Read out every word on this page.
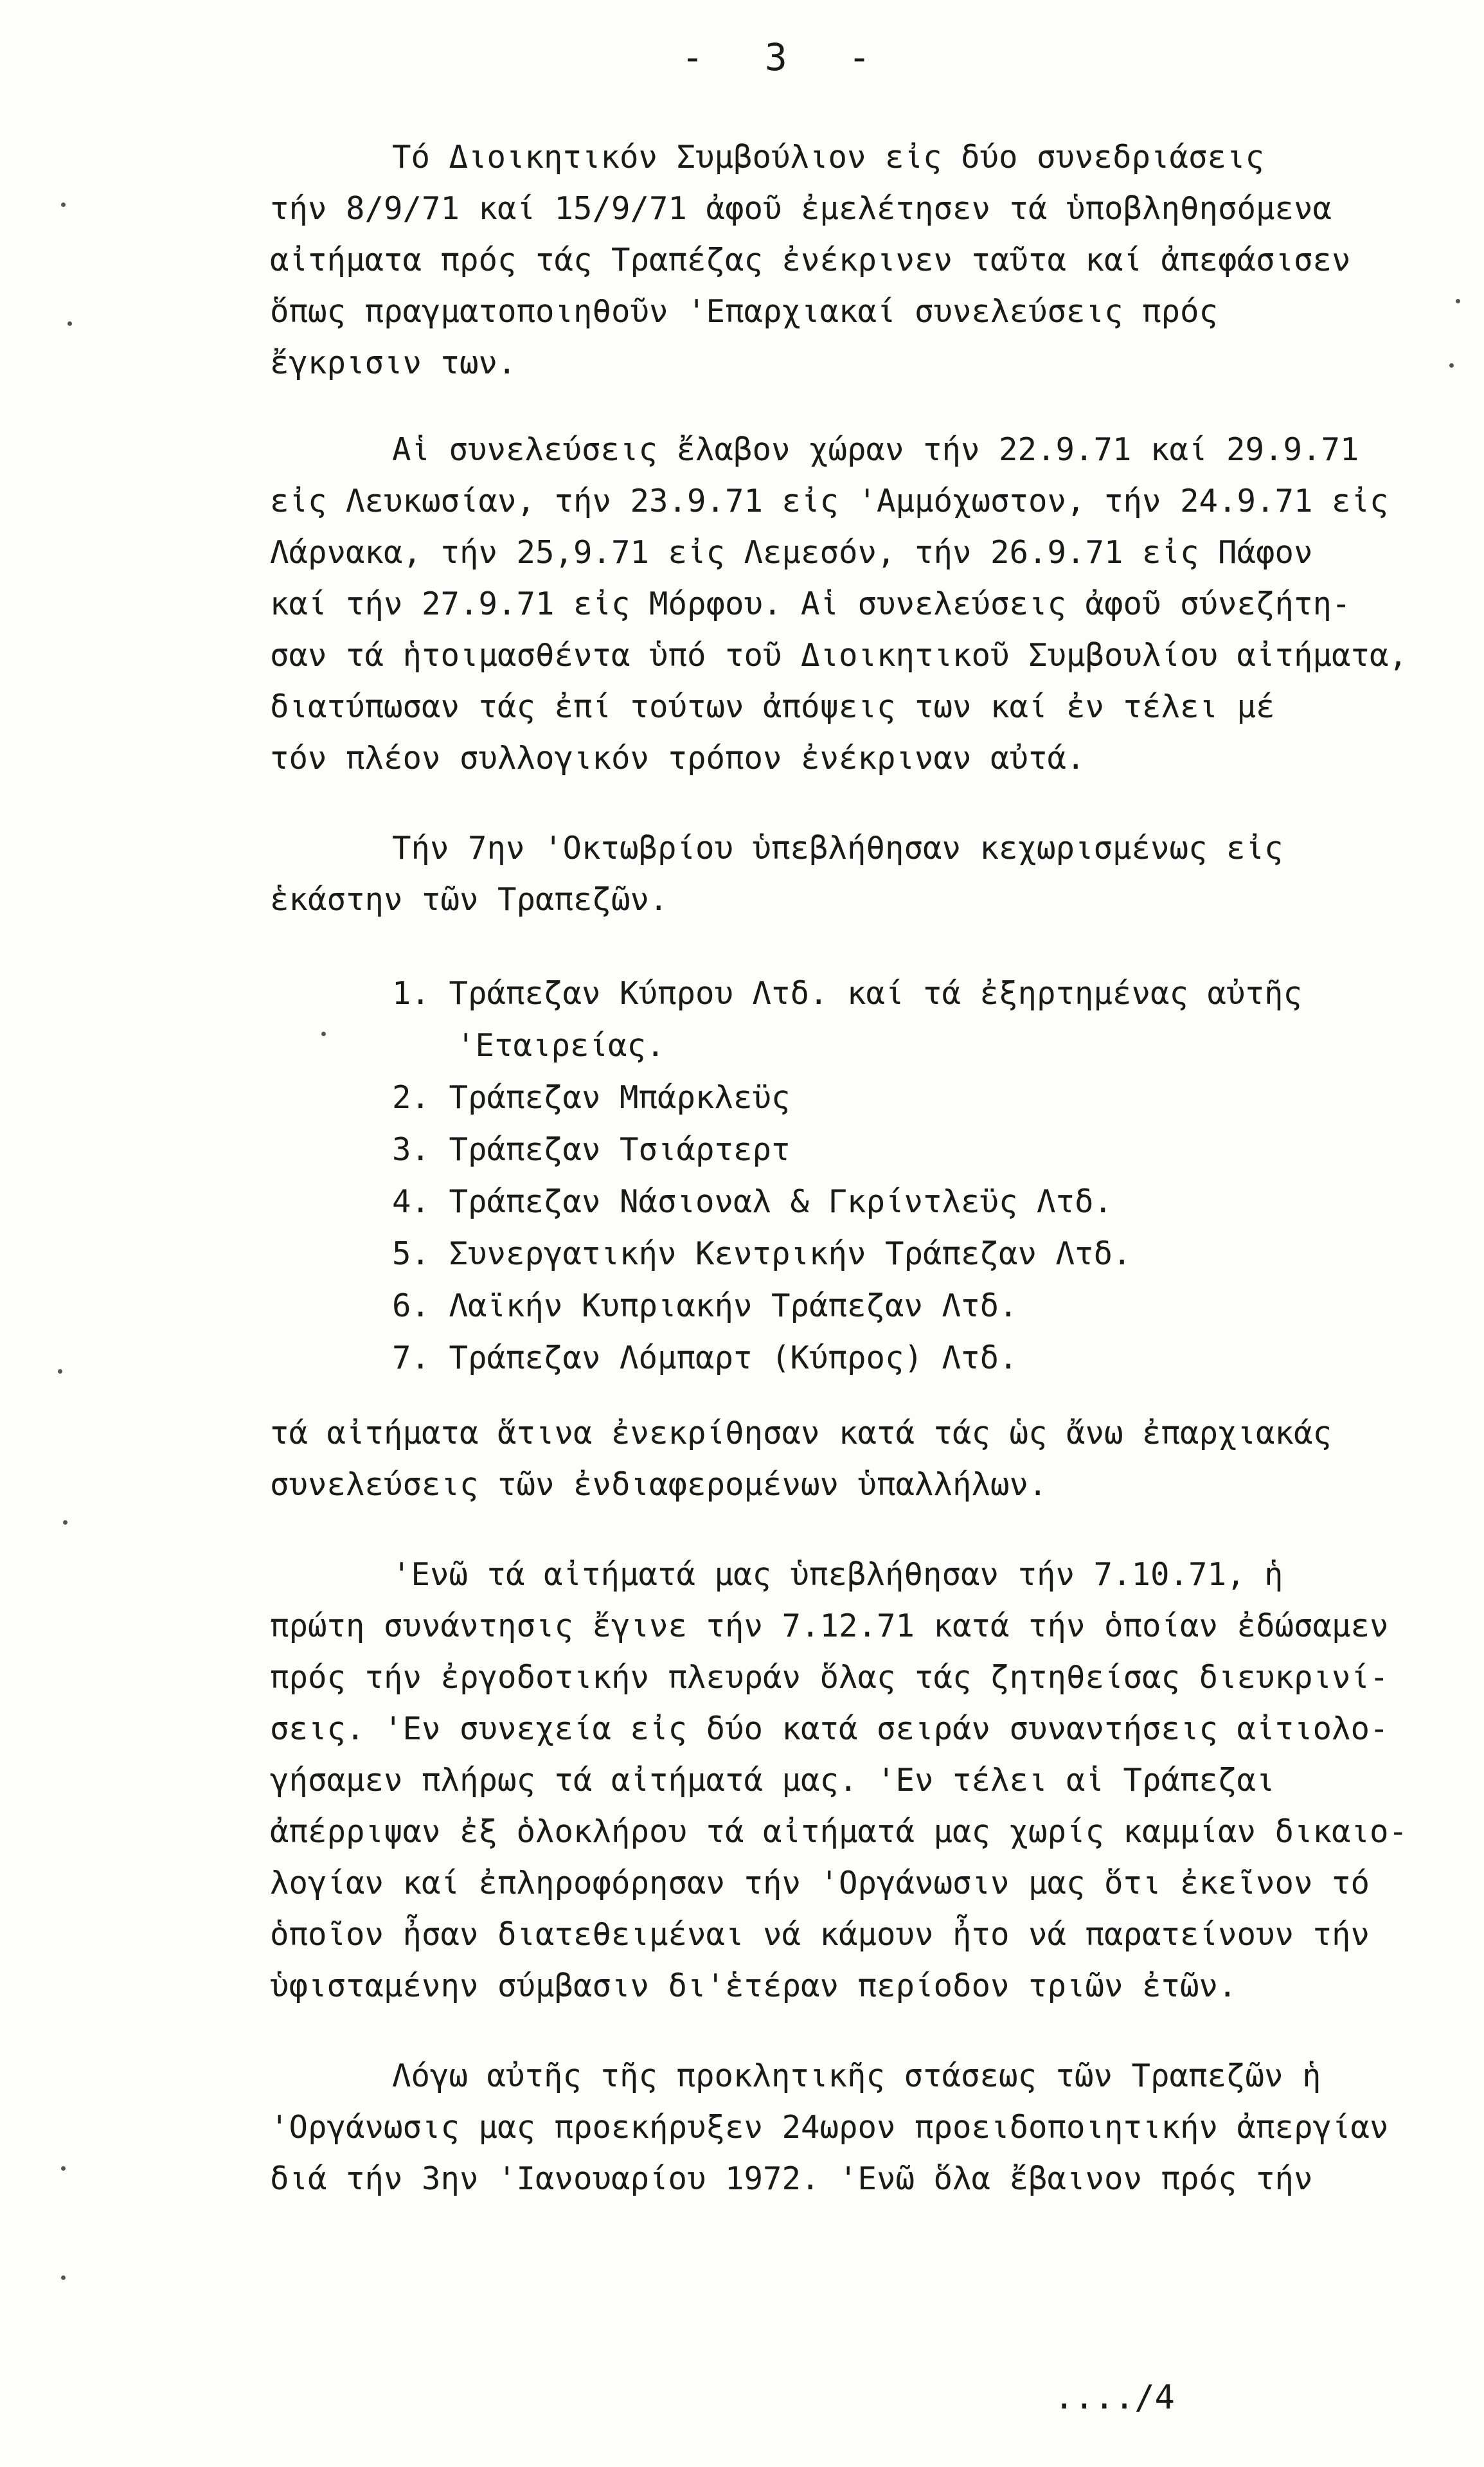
- 3 -
Τό Διοικητικόν Συμβούλιον εἰς δύο συνεδριάσεις
τήν 8/9/71 καί 15/9/71 ἀφοῦ ἐμελέτησεν τά ὑποβληθησόμενα
αἰτήματα πρός τάς Τραπέζας ἐνέκρινεν ταῦτα καί ἀπεφάσισεν
ὅπως πραγματοποιηθοῦν 'Επαρχιακαί συνελεύσεις πρός
ἔγκρισιν των.
Αἱ συνελεύσεις ἔλαβον χώραν τήν 22.9.71 καί 29.9.71
εἰς Λευκωσίαν, τήν 23.9.71 εἰς 'Αμμόχωστον, τήν 24.9.71 εἰς
Λάρνακα, τήν 25,9.71 εἰς Λεμεσόν, τήν 26.9.71 εἰς Πάφον
καί τήν 27.9.71 εἰς Μόρφου. Αἱ συνελεύσεις ἀφοῦ σύνεζήτη-
σαν τά ἡτοιμασθέντα ὑπό τοῦ Διοικητικοῦ Συμβουλίου αἰτήματα,
διατύπωσαν τάς ἐπί τούτων ἀπόψεις των καί ἐν τέλει μέ
τόν πλέον συλλογικόν τρόπον ἐνέκριναν αὐτά.
Τήν 7ην 'Οκτωβρίου ὑπεβλήθησαν κεχωρισμένως εἰς
ἑκάστην τῶν Τραπεζῶν.
1. Τράπεζαν Κύπρου Λτδ. καί τά ἐξηρτημένας αὐτῆς
'Εταιρείας.
2. Τράπεζαν Μπάρκλεϋς
3. Τράπεζαν Τσιάρτερτ
4. Τράπεζαν Νάσιοναλ & Γκρίντλεϋς Λτδ.
5. Συνεργατικήν Κεντρικήν Τράπεζαν Λτδ.
6. Λαϊκήν Κυπριακήν Τράπεζαν Λτδ.
7. Τράπεζαν Λόμπαρτ (Κύπρος) Λτδ.
τά αἰτήματα ἅτινα ἐνεκρίθησαν κατά τάς ὡς ἄνω ἐπαρχιακάς
συνελεύσεις τῶν ἐνδιαφερομένων ὑπαλλήλων.
'Ενῶ τά αἰτήματά μας ὑπεβλήθησαν τήν 7.10.71, ἡ
πρώτη συνάντησις ἔγινε τήν 7.12.71 κατά τήν ὁποίαν ἐδώσαμεν
πρός τήν ἐργοδοτικήν πλευράν ὅλας τάς ζητηθείσας διευκρινί-
σεις. 'Εν συνεχεία εἰς δύο κατά σειράν συναντήσεις αἰτιολο-
γήσαμεν πλήρως τά αἰτήματά μας. 'Εν τέλει αἱ Τράπεζαι
ἀπέρριψαν ἐξ ὁλοκλήρου τά αἰτήματά μας χωρίς καμμίαν δικαιο-
λογίαν καί ἐπληροφόρησαν τήν 'Οργάνωσιν μας ὅτι ἐκεῖνον τό
ὁποῖον ἦσαν διατεθειμέναι νά κάμουν ἦτο νά παρατείνουν τήν
ὑφισταμένην σύμβασιν δι'ἑτέραν περίοδον τριῶν ἐτῶν.
Λόγω αὐτῆς τῆς προκλητικῆς στάσεως τῶν Τραπεζῶν ἡ
'Οργάνωσις μας προεκήρυξεν 24ωρον προειδοποιητικήν ἀπεργίαν
διά τήν 3ην 'Ιανουαρίου 1972. 'Ενῶ ὅλα ἔβαινον πρός τήν
..../4
